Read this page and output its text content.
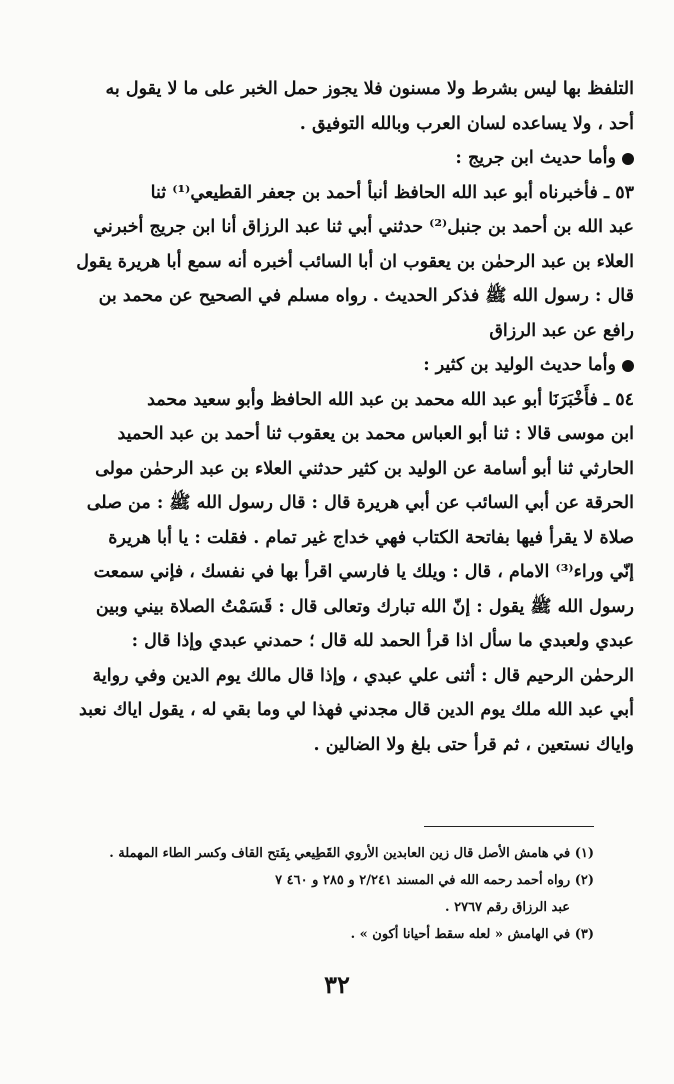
التلفظ بها ليس بشرط ولا مسنون فلا يجوز حمل الخبر على ما لا يقول به
أحد ، ولا يساعده لسان العرب وبالله التوفيق .
وأما حديث ابن جريج :
٥٣ ـ فأخبرناه أبو عبد الله الحافظ أنبأ أحمد بن جعفر القطيعي⁽¹⁾ ثنا
عبد الله بن أحمد بن جنبل⁽²⁾ حدثني أبي ثنا عبد الرزاق أنا ابن جريج أخبرني
العلاء بن عبد الرحمٰن بن يعقوب ان أبا السائب أخبره أنه سمع أبا هريرة يقول
قال : رسول الله ﷺ فذكر الحديث . رواه مسلم في الصحيح عن محمد بن
رافع عن عبد الرزاق
وأما حديث الوليد بن كثير :
٥٤ ـ فأَخْبَرَنَا أبو عبد الله محمد بن عبد الله الحافظ وأبو سعيد محمد
ابن موسى قالا : ثنا أبو العباس محمد بن يعقوب ثنا أحمد بن عبد الحميد
الحارثي ثنا أبو أسامة عن الوليد بن كثير حدثني العلاء بن عبد الرحمٰن مولى
الحرقة عن أبي السائب عن أبي هريرة قال : قال رسول الله ﷺ : من صلى
صلاة لا يقرأ فيها بفاتحة الكتاب فهي خداج غير تمام . فقلت : يا أبا هريرة
إنّي وراء⁽³⁾ الامام ، قال : ويلك يا فارسي اقرأ بها في نفسك ، فإني سمعت
رسول الله ﷺ يقول : إنّ الله تبارك وتعالى قال : قَسَمْتُ الصلاة بيني وبين
عبدي ولعبدي ما سأل اذا قرأ الحمد لله قال ؛ حمدني عبدي وإذا قال :
الرحمٰن الرحيم قال : أثنى علي عبدي ، وإذا قال مالك يوم الدين وفي رواية
أبي عبد الله ملك يوم الدين قال مجدني فهذا لي وما بقي له ، يقول اياك نعبد
واياك نستعين ، ثم قرأ حتى بلغ ولا الضالين .
(١) في هامش الأصل قال زين العابدين الأروي القَطِيعي بِفَتح القاف وكسر الطاء المهملة .
(٢) رواه أحمد رحمه الله في المسند ٢/٢٤١ و ٢٨٥ و ٤٦٠ ٧
عبد الرزاق رقم ٢٧٦٧ .
(٣) في الهامش « لعله سقط أحيانا أكون » .
٣٢
